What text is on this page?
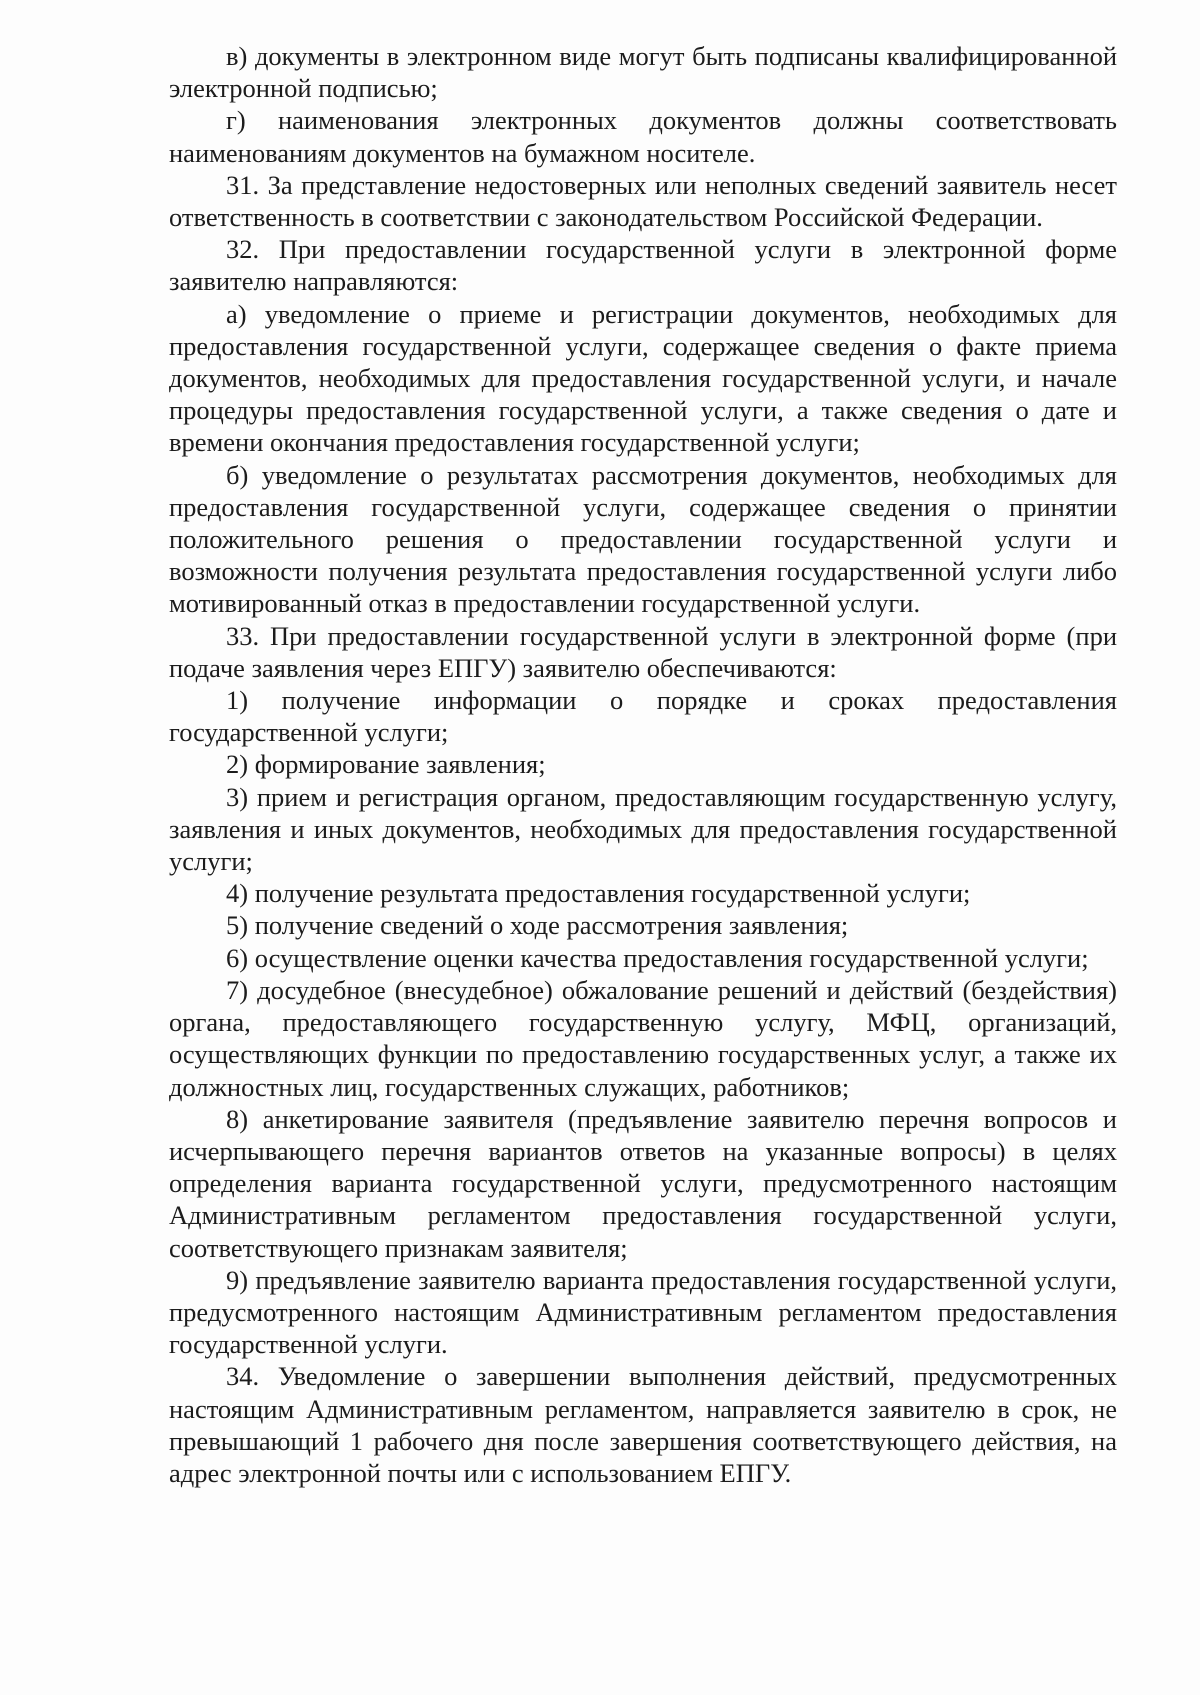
в) документы в электронном виде могут быть подписаны квалифицированной электронной подписью;

г) наименования электронных документов должны соответствовать наименованиям документов на бумажном носителе.

31. За представление недостоверных или неполных сведений заявитель несет ответственность в соответствии с законодательством Российской Федерации.

32. При предоставлении государственной услуги в электронной форме заявителю направляются:

а) уведомление о приеме и регистрации документов, необходимых для предоставления государственной услуги, содержащее сведения о факте приема документов, необходимых для предоставления государственной услуги, и начале процедуры предоставления государственной услуги, а также сведения о дате и времени окончания предоставления государственной услуги;

б) уведомление о результатах рассмотрения документов, необходимых для предоставления государственной услуги, содержащее сведения о принятии положительного решения о предоставлении государственной услуги и возможности получения результата предоставления государственной услуги либо мотивированный отказ в предоставлении государственной услуги.

33. При предоставлении государственной услуги в электронной форме (при подаче заявления через ЕПГУ) заявителю обеспечиваются:

1) получение информации о порядке и сроках предоставления государственной услуги;

2) формирование заявления;

3) прием и регистрация органом, предоставляющим государственную услугу, заявления и иных документов, необходимых для предоставления государственной услуги;

4) получение результата предоставления государственной услуги;

5) получение сведений о ходе рассмотрения заявления;

6) осуществление оценки качества предоставления государственной услуги;

7) досудебное (внесудебное) обжалование решений и действий (бездействия) органа, предоставляющего государственную услугу, МФЦ, организаций, осуществляющих функции по предоставлению государственных услуг, а также их должностных лиц, государственных служащих, работников;

8) анкетирование заявителя (предъявление заявителю перечня вопросов и исчерпывающего перечня вариантов ответов на указанные вопросы) в целях определения варианта государственной услуги, предусмотренного настоящим Административным регламентом предоставления государственной услуги, соответствующего признакам заявителя;

9) предъявление заявителю варианта предоставления государственной услуги, предусмотренного настоящим Административным регламентом предоставления государственной услуги.

34. Уведомление о завершении выполнения действий, предусмотренных настоящим Административным регламентом, направляется заявителю в срок, не превышающий 1 рабочего дня после завершения соответствующего действия, на адрес электронной почты или с использованием ЕПГУ.
